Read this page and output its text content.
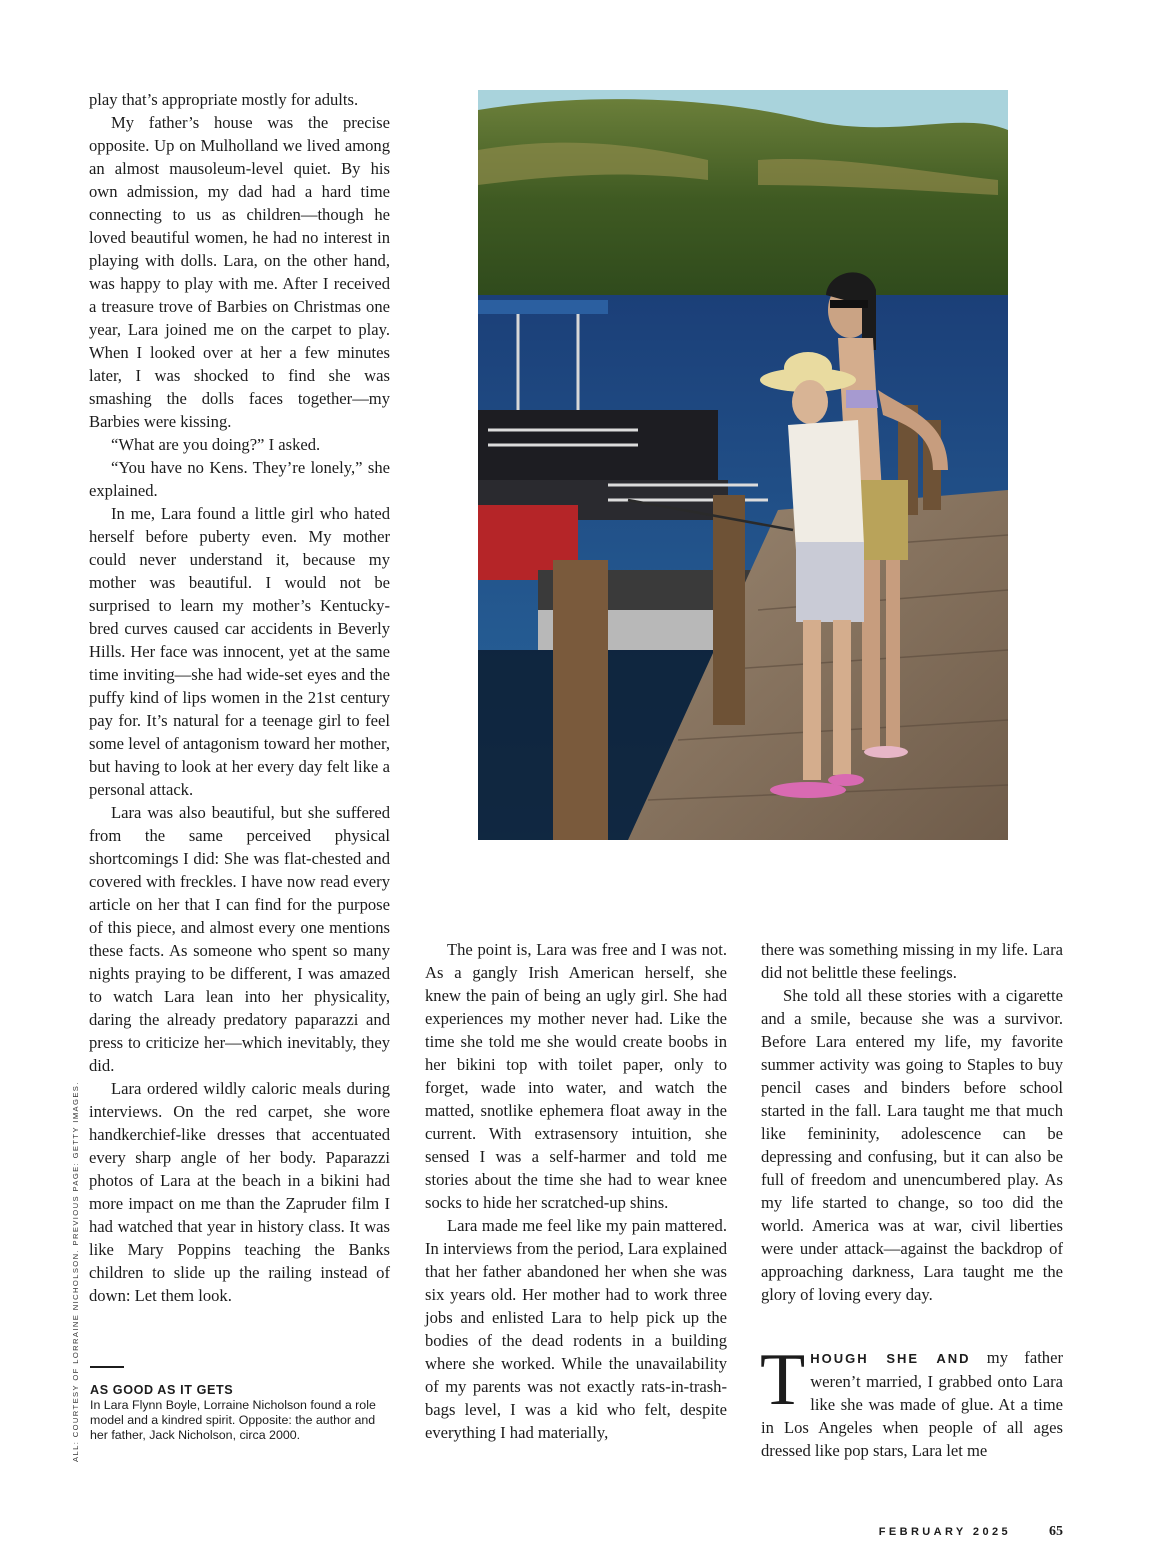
play that’s appropriate mostly for adults.

My father’s house was the precise opposite. Up on Mulholland we lived among an almost mausoleum-level quiet. By his own admission, my dad had a hard time connecting to us as children—though he loved beautiful women, he had no interest in playing with dolls. Lara, on the other hand, was happy to play with me. After I received a treasure trove of Barbies on Christmas one year, Lara joined me on the carpet to play. When I looked over at her a few minutes later, I was shocked to find she was smashing the dolls faces together—my Barbies were kissing.

“What are you doing?” I asked.

“You have no Kens. They’re lonely,” she explained.

In me, Lara found a little girl who hated herself before puberty even. My mother could never understand it, because my mother was beautiful. I would not be surprised to learn my mother’s Kentucky-bred curves caused car accidents in Beverly Hills. Her face was innocent, yet at the same time inviting—she had wide-set eyes and the puffy kind of lips women in the 21st century pay for. It’s natural for a teenage girl to feel some level of antagonism toward her mother, but having to look at her every day felt like a personal attack.

Lara was also beautiful, but she suffered from the same perceived physical shortcomings I did: She was flat-chested and covered with freckles. I have now read every article on her that I can find for the purpose of this piece, and almost every one mentions these facts. As someone who spent so many nights praying to be different, I was amazed to watch Lara lean into her physicality, daring the already predatory paparazzi and press to criticize her—which inevitably, they did.

Lara ordered wildly caloric meals during interviews. On the red carpet, she wore handkerchief-like dresses that accentuated every sharp angle of her body. Paparazzi photos of Lara at the beach in a bikini had more impact on me than the Zapruder film I had watched that year in history class. It was like Mary Poppins teaching the Banks children to slide up the railing instead of down: Let them look.

The point is, Lara was free and I was not. As a gangly Irish American herself, she knew the pain of being an ugly girl. She had experiences my mother never had. Like the time she told me she would create boobs in her bikini top with toilet paper, only to forget, wade into water, and watch the matted, snotlike ephemera float away in the current. With extrasensory intuition, she sensed I was a self-harmer and told me stories about the time she had to wear knee socks to hide her scratched-up shins.

Lara made me feel like my pain mattered. In interviews from the period, Lara explained that her father abandoned her when she was six years old. Her mother had to work three jobs and enlisted Lara to help pick up the bodies of the dead rodents in a building where she worked. While the unavailability of my parents was not exactly rats-in-trash-bags level, I was a kid who felt, despite everything I had materially,

there was something missing in my life. Lara did not belittle these feelings.

She told all these stories with a cigarette and a smile, because she was a survivor. Before Lara entered my life, my favorite summer activity was going to Staples to buy pencil cases and binders before school started in the fall. Lara taught me that much like femininity, adolescence can be depressing and confusing, but it can also be full of freedom and unencumbered play. As my life started to change, so too did the world. America was at war, civil liberties were under attack—against the backdrop of approaching darkness, Lara taught me the glory of loving every day.

THOUGH SHE AND my father weren’t married, I grabbed onto Lara like she was made of glue. At a time in Los Angeles when people of all ages dressed like pop stars, Lara let me

AS GOOD AS IT GETS
In Lara Flynn Boyle, Lorraine Nicholson found a role model and a kindred spirit. Opposite: the author and her father, Jack Nicholson, circa 2000.
ALL: COURTESY OF LORRAINE NICHOLSON. PREVIOUS PAGE: GETTY IMAGES.
FEBRUARY 2025	65
